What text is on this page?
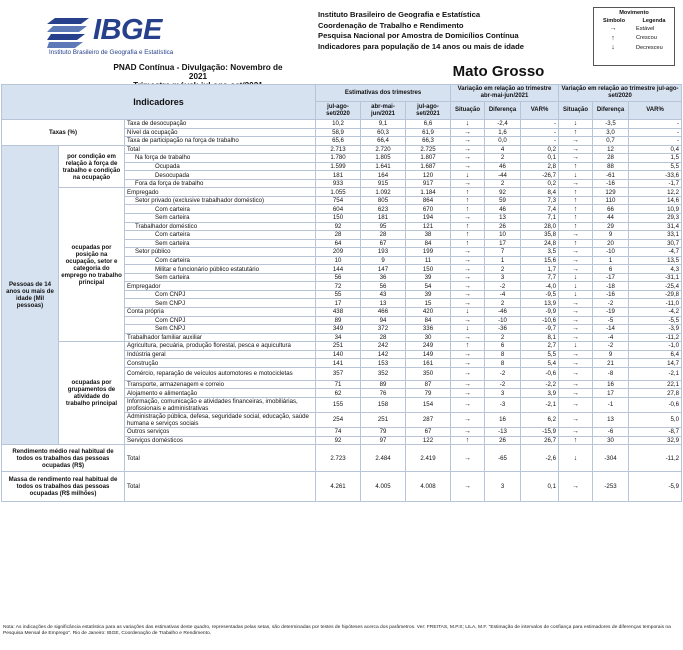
IBGE
Instituto Brasileiro de Geografia e Estatística
Instituto Brasileiro de Geografia e Estatística
Coordenação de Trabalho e Rendimento
Pesquisa Nacional por Amostra de Domicílios Contínua
Indicadores para população de 14 anos ou mais de idade
Movimento
Símbolo	Legenda
→	Estável
↑	Crescou
↓	Decresceu
PNAD Contínua - Divulgação: Novembro de 2021	Mato Grosso
Indicadores			Estimativas dos trimestres			Variação em relação ao trimestre abr-mai-jun/2021			Variação em relação ao trimestre jul-ago-set/2020		
			jul-ago-set/2020	abr-mai-jun/2021	jul-ago-set/2021	Situação	Diferença	VAR%	Situação	Diferença	VAR%

Taxas (%)		Taxa de desocupação	10,2	9,1	6,6	↓	-2,4	-	↓	-3,5	-
		Nível da ocupação	58,9	60,3	61,9	→	1,6	-	↑	3,0	-
		Taxa de participação na força de trabalho	65,6	66,4	66,3	→	0,0	-	→	0,7	-
Pessoas de 14 anos ou mais de idade (Mil pessoas)	por condição em relação à força de trabalho e condição na ocupação	Total	2.713	2.720	2.725	→	4	0,2	→	12	0,4
		Na força de trabalho	1.780	1.805	1.807	→	2	0,1	→	28	1,5
		Ocupada	1.599	1.641	1.687	→	46	2,8	↑	88	5,5
		Desocupada	181	164	120	↓	-44	-26,7	↓	-61	-33,6
		Fora da força de trabalho	933	915	917	→	2	0,2	→	-16	-1,7
	ocupadas por posição na ocupação, setor e categoria do emprego no trabalho principal	Empregado	1.055	1.092	1.184	↑	92	8,4	↑	129	12,2
		Setor privado (exclusive trabalhador doméstico)	754	805	864	↑	59	7,3	↑	110	14,6
		Com carteira	604	623	670	↑	46	7,4	↑	66	10,9
		Sem carteira	150	181	194	→	13	7,1	↑	44	29,3
		Trabalhador doméstico	92	95	121	↑	26	28,0	↑	29	31,4
		Com carteira	28	28	38	↑	10	35,8	→	9	33,1
		Sem carteira	64	67	84	↑	17	24,8	↑	20	30,7
		Setor público	209	193	199	→	7	3,5	→	-10	-4,7
		Com carteira	10	9	11	→	1	15,6	→	1	13,5
		Militar e funcionário público estatutário	144	147	150	→	2	1,7	→	6	4,3
		Sem carteira	56	36	39	→	3	7,7	↓	-17	-31,1
		Empregador	72	56	54	→	-2	-4,0	↓	-18	-25,4
		Com CNPJ	55	43	39	→	-4	-9,5	↓	-16	-29,8
		Sem CNPJ	17	13	15	→	2	13,9	→	-2	-11,0
		Conta própria	438	466	420	↓	-46	-9,9	→	-19	-4,2
		Com CNPJ	89	94	84	→	-10	-10,6	→	-5	-5,5
		Sem CNPJ	349	372	336	↓	-36	-9,7	→	-14	-3,9
		Trabalhador familiar auxiliar	34	28	30	→	2	8,1	→	-4	-11,2
	ocupadas por grupamentos de atividade do trabalho principal	Agricultura, pecuária, produção florestal, pesca e aquicultura	251	242	249	↑	6	2,7	↓	-2	-1,0
		Indústria geral	140	142	149	→	8	5,5	→	9	6,4
		Construção	141	153	161	→	8	5,4	→	21	14,7
		Comércio, reparação de veículos automotores e motocicletas	357	352	350	→	-2	-0,6	→	-8	-2,1
		Transporte, armazenagem e correio	71	89	87	→	-2	-2,2	→	16	22,1
		Alojamento e alimentação	62	76	79	→	3	3,9	→	17	27,8
		Informação, comunicação e atividades financeiras, imobiliárias, profissionais e administrativas	155	158	154	→	-3	-2,1	→	-1	-0,6
		Administração pública, defesa, seguridade social, educação, saúde humana e serviços sociais	254	251	287	→	16	6,2	→	13	5,0
		Outros serviços	74	79	67	→	-13	-15,9	→	-6	-8,7
		Serviços domésticos	92	97	122	↑	26	26,7	↑	30	32,9
Rendimento médio real habitual de todos os trabalhos das pessoas ocupadas (R$)		Total	2.723	2.484	2.419	→	-65	-2,6	↓	-304	-11,2
Massa de rendimento real habitual de todos os trabalhos das pessoas ocupadas (R$ milhões)		Total	4.261	4.005	4.008	→	3	0,1	→	-253	-5,9
Nota: As indicações de significância estatística para as variações das estimativas deste quadro, representadas pelas setas, são determinadas por testes de hipóteses acerca dos parâmetros. Ver: FREITAS, M.P.S; LILA, M.F. "Estimação de intervalos de confiança para estimadores de diferenças temporais na Pesquisa Mensal de Emprego". Rio de Janeiro: IBGE, Coordenação de Trabalho e Rendimento.
